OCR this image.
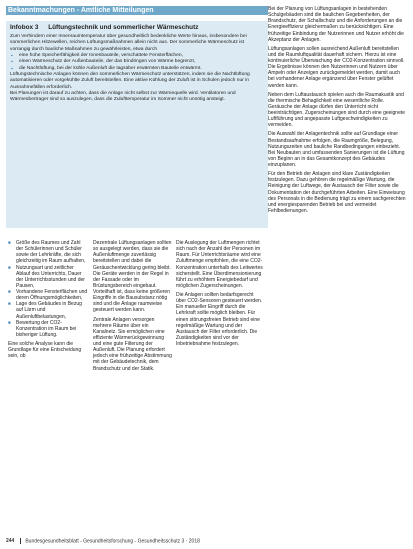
Bekanntmachungen - Amtliche Mitteilungen
Infobox 3 Lüftungstechnik und sommerlicher Wärmeschutz

Zum Verhindern einer Innenraumtemperatur über gesundheitlich bedenkliche Werte hinaus, insbesondere bei sommerlichen Hitzewellen, reichen Lüftungsmaßnahmen allein nicht aus. Der sommerliche Wärmeschutz ist vorrangig durch bauliche Maßnahmen zu gewährleisten, etwa durch

▪ eine hohe Speicherfähigkeit der Innenbauteile, verschattete Fensterflächen,
▪ einen Wärmeschutz der Außenbauteile, der das Eindringen von Wärme begrenzt,
▪ die Nachtlüftung, bei der kühle Außenluft die tagsüber erwärmten Bauteile entwärmt.

Lüftungstechnische Anlagen können den sommerlichen Wärmeschutz unterstützen, indem sie die Nachtlüftung automatisieren oder vorgekühlte Zuluft bereitstellen. Eine aktive Kühlung der Zuluft ist in Schulen jedoch nur in Ausnahmefällen erforderlich.

Bei Planungen ist darauf zu achten, dass die Anlage nicht selbst zur Wärmequelle wird. Ventilatoren und Wärmeübertrager sind so auszulegen, dass die Zulufttemperatur im Sommer nicht unnötig ansteigt.

■ Größe des Raumes und Zahl der Schülerinnen und Schüler sowie der Lehrkräfte, die sich gleichzeitig im Raum aufhalten,
■ Nutzungsart und zeitlicher Ablauf des Unterrichts, Dauer der Unterrichtsstunden und der Pausen,
■ Vorhandene Fensterflächen und deren Öffnungsmöglichkeiten,
■ Lage des Gebäudes in Bezug auf Lärm und Außenluftbelastungen,
■ Bewertung der CO2-Konzentration im Raum bei bisheriger Lüftung.

Eine solche Analyse kann die Grundlage für eine Entscheidung sein, ob

Dezentrale Lüftungsanlagen sollten so ausgelegt werden, dass sie die Außenluftmenge zuverlässig bereitstellen und dabei die Geräuschentwicklung gering bleibt. Die Geräte werden in der Regel in der Fassade oder im Brüstungsbereich eingebaut. Vorteilhaft ist, dass keine größeren Eingriffe in die Bausubstanz nötig sind und die Anlage raumweise gesteuert werden kann.

Zentrale Anlagen versorgen mehrere Räume über ein Kanalnetz. Sie ermöglichen eine effiziente Wärmerückgewinnung und eine gute Filterung der Außenluft. Die Planung erfordert jedoch eine frühzeitige Abstimmung mit der Gebäudetechnik, dem Brandschutz und der Statik.

Die Auslegung der Luftmengen richtet sich nach der Anzahl der Personen im Raum. Für Unterrichtsräume wird eine Zuluftmenge empfohlen, die eine CO2-Konzentration unterhalb des Leitwertes sicherstellt. Eine Überdimensionierung führt zu erhöhtem Energiebedarf und möglichen Zugerscheinungen.

Die Anlagen sollten bedarfsgerecht über CO2-Sensoren gesteuert werden. Ein manueller Eingriff durch die Lehrkraft sollte möglich bleiben. Für einen störungsfreien Betrieb sind eine regelmäßige Wartung und der Austausch der Filter erforderlich. Die Zuständigkeiten sind vor der Inbetriebnahme festzulegen.

Bei der Planung von Lüftungsanlagen in bestehenden Schulgebäuden sind die baulichen Gegebenheiten, der Brandschutz, der Schallschutz und die Anforderungen an die Energieeffizienz gleichermaßen zu berücksichtigen. Eine frühzeitige Einbindung der Nutzerinnen und Nutzer erhöht die Akzeptanz der Anlagen.

Lüftungsanlagen sollen ausreichend Außenluft bereitstellen und die Raumluftqualität dauerhaft sichern. Hierzu ist eine kontinuierliche Überwachung der CO2-Konzentration sinnvoll. Die Ergebnisse können den Nutzerinnen und Nutzern über Ampeln oder Anzeigen zurückgemeldet werden, damit auch bei vorhandener Anlage ergänzend über Fenster gelüftet werden kann.

Neben dem Luftaustausch spielen auch die Raumakustik und die thermische Behaglichkeit eine wesentliche Rolle. Geräusche der Anlage dürfen den Unterricht nicht beeinträchtigen. Zugerscheinungen sind durch eine geeignete Luftführung und angepasste Luftgeschwindigkeiten zu vermeiden.

Die Auswahl der Anlagentechnik sollte auf Grundlage einer Bestandsaufnahme erfolgen, die Raumgröße, Belegung, Nutzungszeiten und bauliche Randbedingungen einbezieht. Bei Neubauten und umfassenden Sanierungen ist die Lüftung von Beginn an in das Gesamtkonzept des Gebäudes einzuplanen.

Für den Betrieb der Anlagen sind klare Zuständigkeiten festzulegen. Dazu gehören die regelmäßige Wartung, die Reinigung der Luftwege, der Austausch der Filter sowie die Dokumentation der durchgeführten Arbeiten. Eine Einweisung des Personals in die Bedienung trägt zu einem sachgerechten und energiesparenden Betrieb bei und vermeidet Fehlbedienungen.

244 Bundesgesundheitsblatt - Gesundheitsforschung - Gesundheitsschutz 3 · 2018
